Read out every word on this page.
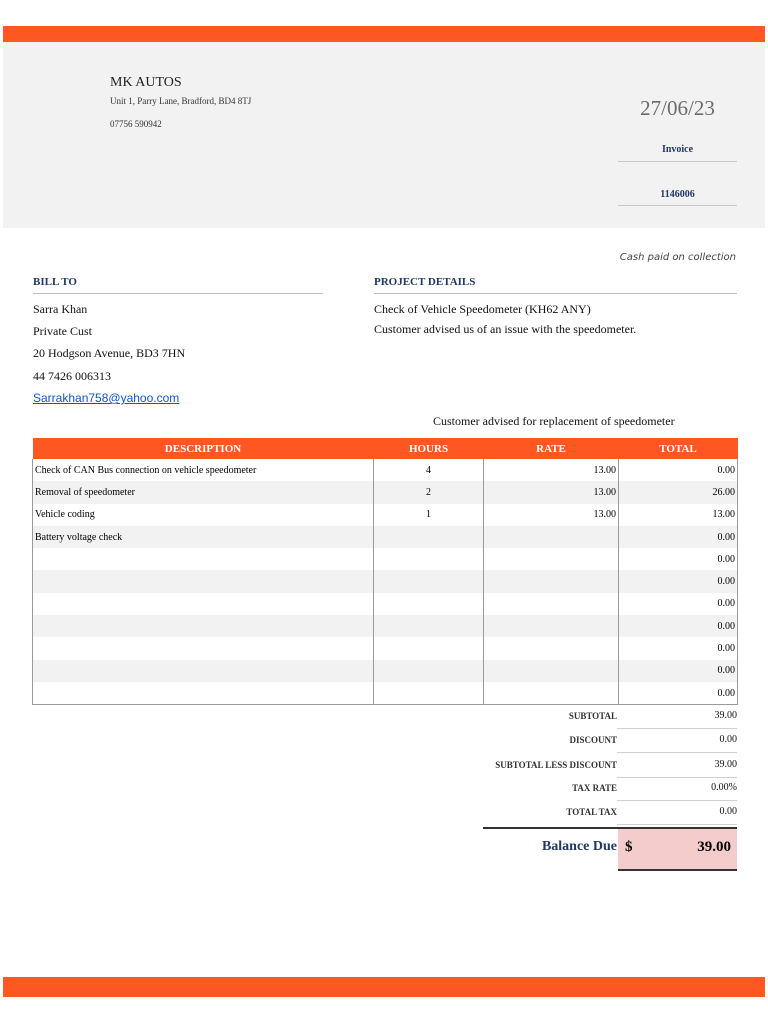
MK AUTOS
Unit 1, Parry Lane, Bradford, BD4 8TJ
07756 590942
27/06/23
Invoice
1146006
Cash paid on collection
BILL TO	PROJECT DETAILS
Sarra Khan
Private Cust
20 Hodgson Avenue, BD3 7HN
44 7426 006313
Sarrakhan758@yahoo.com
Check of Vehicle Speedometer (KH62 ANY)
Customer advised us of an issue with the speedometer.
Customer advised for replacement of speedometer
DESCRIPTION	HOURS	RATE	TOTAL
Check of CAN Bus connection on vehicle speedometer	4	13.00	0.00
Removal of speedometer	2	13.00	26.00
Vehicle coding	1	13.00	13.00
Battery voltage check			0.00
			0.00
			0.00
			0.00
			0.00
			0.00
			0.00
			0.00
SUBTOTAL	39.00
DISCOUNT	0.00
SUBTOTAL LESS DISCOUNT	39.00
TAX RATE	0.00%
TOTAL TAX	0.00
Balance Due $	39.00
